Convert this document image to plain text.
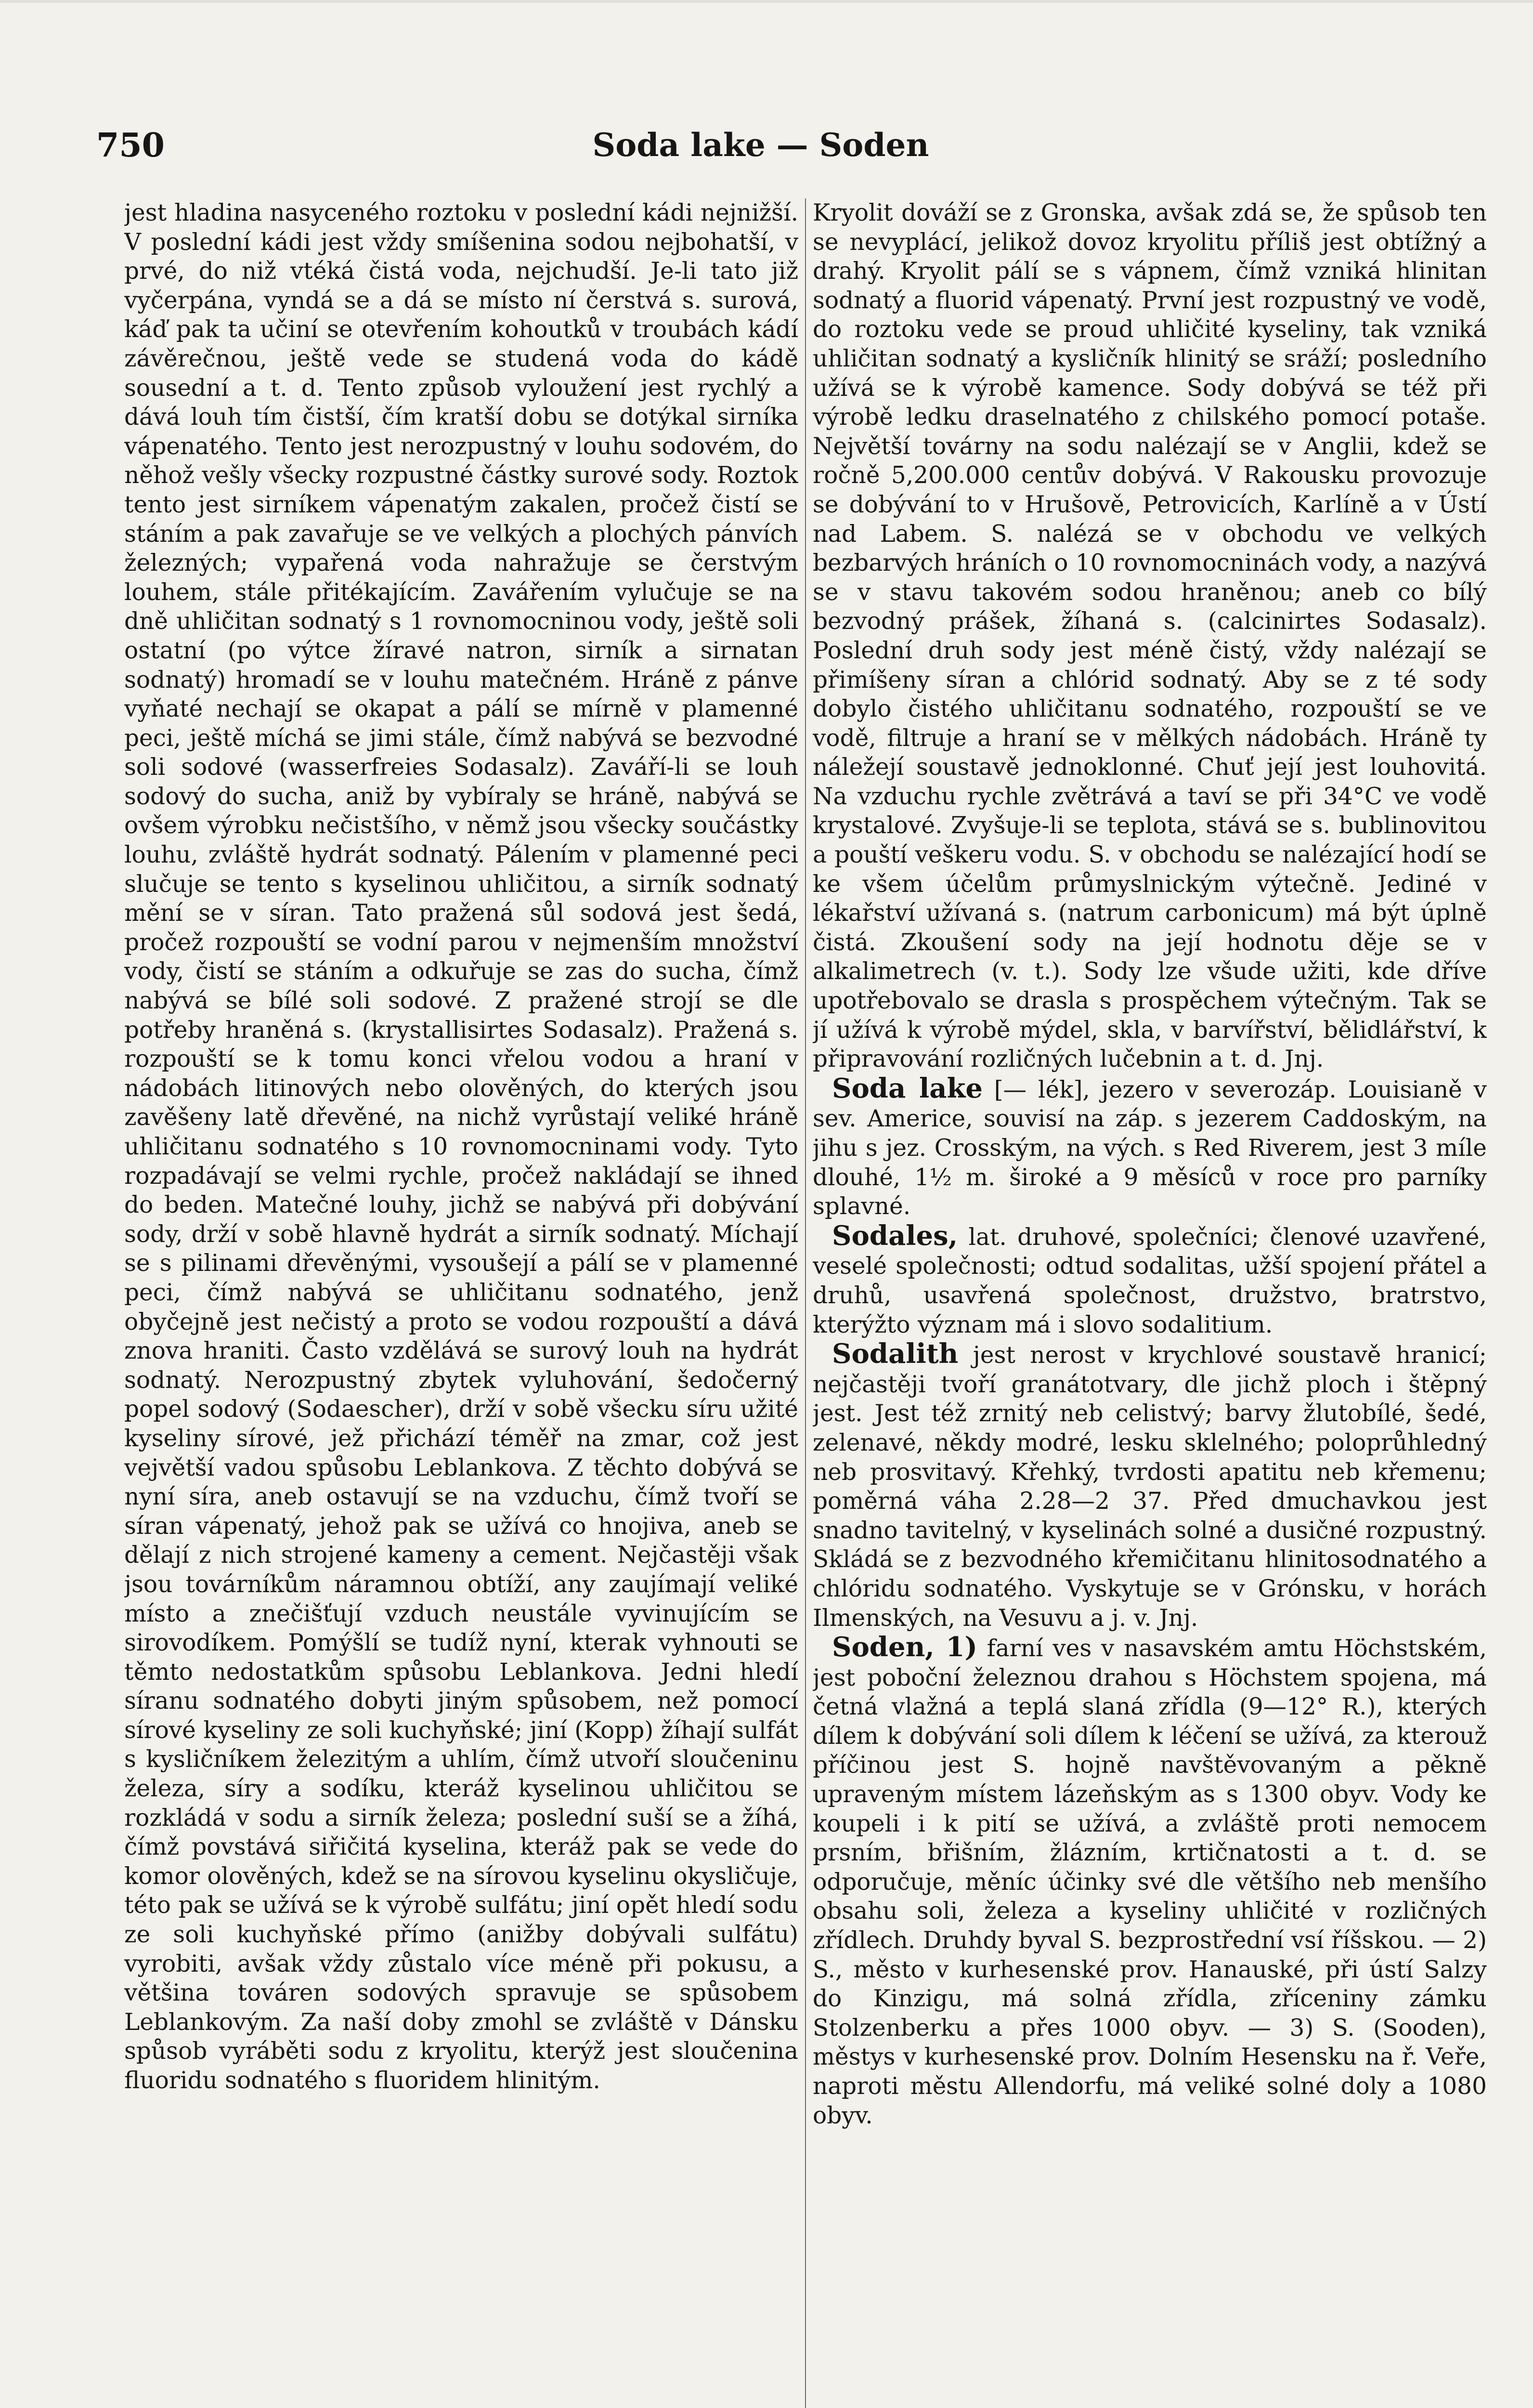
750	Soda lake — Soden

jest hladina nasyceného roztoku v poslední kádi nejnižší. V poslední kádi jest vždy smíšenina sodou nejbohatší, v prvé, do niž vtéká čistá voda, nejchudší. Je-li tato již vyčerpána, vyndá se a dá se místo ní čerstvá s. surová, káď pak ta učiní se otevřením kohoutků v troubách kádí závěrečnou, ještě vede se studená voda do kádě sousední a t. d. Tento způsob vyloužení jest rychlý a dává louh tím čistší, čím kratší dobu se dotýkal sirníka vápenatého. Tento jest nerozpustný v louhu sodovém, do něhož vešly všecky rozpustné částky surové sody. Roztok tento jest sirníkem vápenatým zakalen, pročež čistí se stáním a pak zavařuje se ve velkých a plochých pánvích železných; vypařená voda nahražuje se čerstvým louhem, stále přitékajícím. Zavářením vylučuje se na dně uhličitan sodnatý s 1 rovnomocninou vody, ještě soli ostatní (po výtce žíravé natron, sirník a sirnatan sodnatý) hromadí se v louhu matečném. Hráně z pánve vyňaté nechají se okapat a pálí se mírně v plamenné peci, ještě míchá se jimi stále, čímž nabývá se bezvodné soli sodové (wasserfreies Sodasalz). Zaváří-li se louh sodový do sucha, aniž by vybíraly se hráně, nabývá se ovšem výrobku nečistšího, v němž jsou všecky součástky louhu, zvláště hydrát sodnatý. Pálením v plamenné peci slučuje se tento s kyselinou uhličitou, a sirník sodnatý mění se v síran. Tato pražená sůl sodová jest šedá, pročež rozpouští se vodní parou v nejmenším množství vody, čistí se stáním a odkuřuje se zas do sucha, čímž nabývá se bílé soli sodové. Z pražené strojí se dle potřeby hraněná s. (krystallisirtes Sodasalz). Pražená s. rozpouští se k tomu konci vřelou vodou a hraní v nádobách litinových nebo olověných, do kterých jsou zavěšeny latě dřevěné, na nichž vyrůstají veliké hráně uhličitanu sodnatého s 10 rovnomocninami vody. Tyto rozpadávají se velmi rychle, pročež nakládají se ihned do beden. Matečné louhy, jichž se nabývá při dobývání sody, drží v sobě hlavně hydrát a sirník sodnatý. Míchají se s pilinami dřevěnými, vysoušejí a pálí se v plamenné peci, čímž nabývá se uhličitanu sodnatého, jenž obyčejně jest nečistý a proto se vodou rozpouští a dává znova hraniti. Často vzdělává se surový louh na hydrát sodnatý. Nerozpustný zbytek vyluhování, šedočerný popel sodový (Sodaescher), drží v sobě všecku síru užité kyseliny sírové, jež přichází téměř na zmar, což jest vejvětší vadou spůsobu Leblankova. Z těchto dobývá se nyní síra, aneb ostavují se na vzduchu, čímž tvoří se síran vápenatý, jehož pak se užívá co hnojiva, aneb se dělají z nich strojené kameny a cement. Nejčastěji však jsou továrníkům náramnou obtíží, any zaujímají veliké místo a znečišťují vzduch neustále vyvinujícím se sirovodíkem. Pomýšlí se tudíž nyní, kterak vyhnouti se těmto nedostatkům spůsobu Leblankova. Jedni hledí síranu sodnatého dobyti jiným spůsobem, než pomocí sírové kyseliny ze soli kuchyňské; jiní (Kopp) žíhají sulfát s kysličníkem železitým a uhlím, čímž utvoří sloučeninu železa, síry a sodíku, kteráž kyselinou uhličitou se rozkládá v sodu a sirník železa; poslední suší se a žíhá, čímž povstává siřičitá kyselina, kteráž pak se vede do komor olověných, kdež se na sírovou kyselinu okysličuje, této pak se užívá se k výrobě sulfátu; jiní opět hledí sodu ze soli kuchyňské přímo (anižby dobývali sulfátu) vyrobiti, avšak vždy zůstalo více méně při pokusu, a většina továren sodových spravuje se spůsobem Leblankovým. Za naší doby zmohl se zvláště v Dánsku spůsob vyráběti sodu z kryolitu, kterýž jest sloučenina fluoridu sodnatého s fluoridem hlinitým.

Kryolit dováží se z Gronska, avšak zdá se, že spůsob ten se nevyplácí, jelikož dovoz kryolitu příliš jest obtížný a drahý. Kryolit pálí se s vápnem, čímž vzniká hlinitan sodnatý a fluorid vápenatý. První jest rozpustný ve vodě, do roztoku vede se proud uhličité kyseliny, tak vzniká uhličitan sodnatý a kysličník hlinitý se sráží; posledního užívá se k výrobě kamence. Sody dobývá se též při výrobě ledku draselnatého z chilského pomocí potaše. Největší továrny na sodu nalézají se v Anglii, kdež se ročně 5,200.000 centův dobývá. V Rakousku provozuje se dobývání to v Hrušově, Petrovicích, Karlíně a v Ústí nad Labem. S. nalézá se v obchodu ve velkých bezbarvých hráních o 10 rovnomocninách vody, a nazývá se v stavu takovém sodou hraněnou; aneb co bílý bezvodný prášek, žíhaná s. (calcinirtes Sodasalz). Poslední druh sody jest méně čistý, vždy nalézají se přimíšeny síran a chlórid sodnatý. Aby se z té sody dobylo čistého uhličitanu sodnatého, rozpouští se ve vodě, filtruje a hraní se v mělkých nádobách. Hráně ty náležejí soustavě jednoklonné. Chuť její jest louhovitá. Na vzduchu rychle zvětrává a taví se při 34°C ve vodě krystalové. Zvyšuje-li se teplota, stává se s. bublinovitou a pouští veškeru vodu. S. v obchodu se nalézající hodí se ke všem účelům průmyslnickým výtečně. Jediné v lékařství užívaná s. (natrum carbonicum) má být úplně čistá. Zkoušení sody na její hodnotu děje se v alkalimetrech (v. t.). Sody lze všude užiti, kde dříve upotřebovalo se drasla s prospěchem výtečným. Tak se jí užívá k výrobě mýdel, skla, v barvířství, bělidlářství, k připravování rozličných lučebnin a t. d. Jnj.

Soda lake [— lék], jezero v severozáp. Louisianě v sev. Americe, souvisí na záp. s jezerem Caddoským, na jihu s jez. Crosským, na vých. s Red Riverem, jest 3 míle dlouhé, 1½ m. široké a 9 měsíců v roce pro parníky splavné.

Sodales, lat. druhové, společníci; členové uzavřené, veselé společnosti; odtud sodalitas, užší spojení přátel a druhů, usavřená společnost, družstvo, bratrstvo, kterýžto význam má i slovo sodalitium.

Sodalith jest nerost v krychlové soustavě hranicí; nejčastěji tvoří granátotvary, dle jichž ploch i štěpný jest. Jest též zrnitý neb celistvý; barvy žlutobílé, šedé, zelenavé, někdy modré, lesku sklelného; poloprůhledný neb prosvitavý. Křehký, tvrdosti apatitu neb křemenu; poměrná váha 2.28—2 37. Před dmuchavkou jest snadno tavitelný, v kyselinách solné a dusičné rozpustný. Skládá se z bezvodného křemičitanu hlinitosodnatého a chlóridu sodnatého. Vyskytuje se v Grónsku, v horách Ilmenských, na Vesuvu a j. v. Jnj.

Soden, 1) farní ves v nasavském amtu Höchstském, jest poboční železnou drahou s Höchstem spojena, má četná vlažná a teplá slaná zřídla (9—12° R.), kterých dílem k dobývání soli dílem k léčení se užívá, za kterouž příčinou jest S. hojně navštěvovaným a pěkně upraveným místem lázeňským as s 1300 obyv. Vody ke koupeli i k pití se užívá, a zvláště proti nemocem prsním, břišním, žlázním, krtičnatosti a t. d. se odporučuje, měníc účinky své dle většího neb menšího obsahu soli, železa a kyseliny uhličité v rozličných zřídlech. Druhdy byval S. bezprostřední vsí říšskou. — 2) S., město v kurhesenské prov. Hanauské, při ústí Salzy do Kinzigu, má solná zřídla, zříceniny zámku Stolzenberku a přes 1000 obyv. — 3) S. (Sooden), městys v kurhesenské prov. Dolním Hesensku na ř. Veře, naproti městu Allendorfu, má veliké solné doly a 1080 obyv.
